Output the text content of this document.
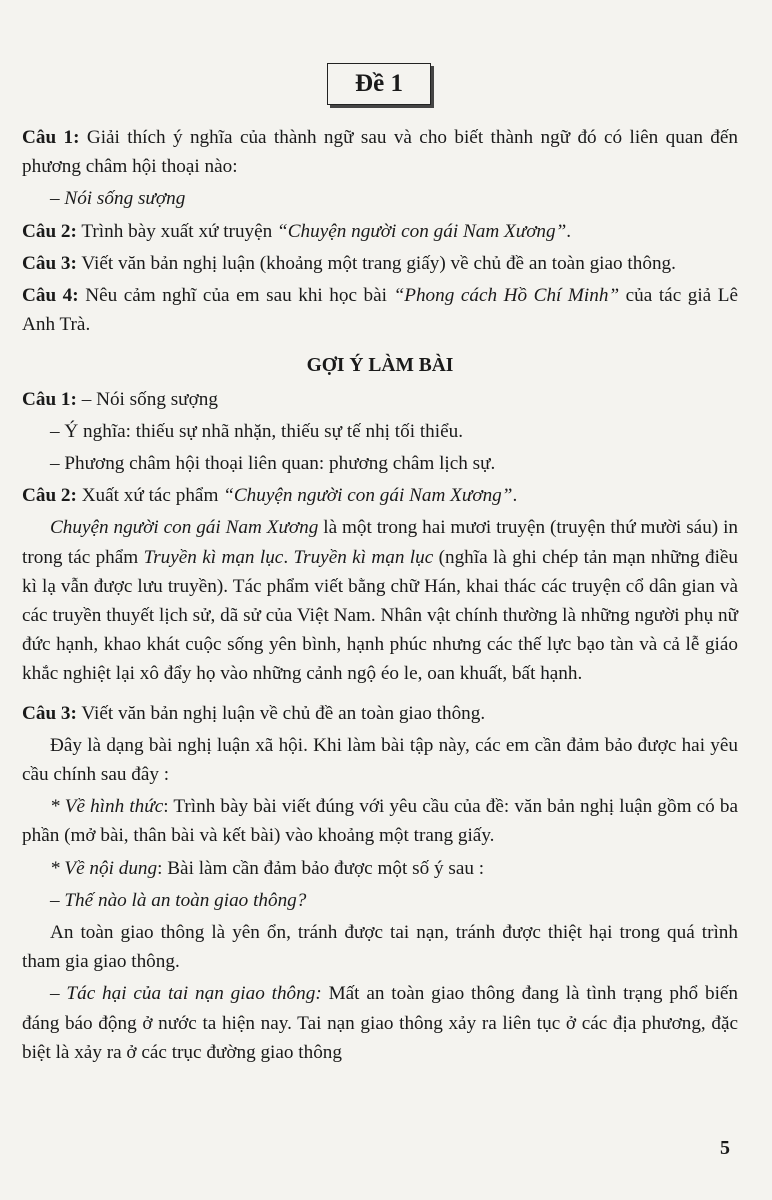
Đề 1

Câu 1: Giải thích ý nghĩa của thành ngữ sau và cho biết thành ngữ đó có liên quan đến phương châm hội thoại nào:

– Nói sống sượng

Câu 2: Trình bày xuất xứ truyện “Chuyện người con gái Nam Xương”.

Câu 3: Viết văn bản nghị luận (khoảng một trang giấy) về chủ đề an toàn giao thông.

Câu 4: Nêu cảm nghĩ của em sau khi học bài “Phong cách Hồ Chí Minh” của tác giả Lê Anh Trà.

GỢI Ý LÀM BÀI

Câu 1: – Nói sống sượng

– Ý nghĩa: thiếu sự nhã nhặn, thiếu sự tế nhị tối thiểu.

– Phương châm hội thoại liên quan: phương châm lịch sự.

Câu 2: Xuất xứ tác phẩm “Chuyện người con gái Nam Xương”.

Chuyện người con gái Nam Xương là một trong hai mươi truyện (truyện thứ mười sáu) in trong tác phẩm Truyền kì mạn lục. Truyền kì mạn lục (nghĩa là ghi chép tản mạn những điều kì lạ vẫn được lưu truyền). Tác phẩm viết bằng chữ Hán, khai thác các truyện cổ dân gian và các truyền thuyết lịch sử, dã sử của Việt Nam. Nhân vật chính thường là những người phụ nữ đức hạnh, khao khát cuộc sống yên bình, hạnh phúc nhưng các thế lực bạo tàn và cả lễ giáo khắc nghiệt lại xô đẩy họ vào những cảnh ngộ éo le, oan khuất, bất hạnh.

Câu 3: Viết văn bản nghị luận về chủ đề an toàn giao thông.

Đây là dạng bài nghị luận xã hội. Khi làm bài tập này, các em cần đảm bảo được hai yêu cầu chính sau đây :

* Về hình thức: Trình bày bài viết đúng với yêu cầu của đề: văn bản nghị luận gồm có ba phần (mở bài, thân bài và kết bài) vào khoảng một trang giấy.

* Về nội dung: Bài làm cần đảm bảo được một số ý sau :

– Thế nào là an toàn giao thông?

An toàn giao thông là yên ổn, tránh được tai nạn, tránh được thiệt hại trong quá trình tham gia giao thông.

– Tác hại của tai nạn giao thông: Mất an toàn giao thông đang là tình trạng phổ biến đáng báo động ở nước ta hiện nay. Tai nạn giao thông xảy ra liên tục ở các địa phương, đặc biệt là xảy ra ở các trục đường giao thông

5
